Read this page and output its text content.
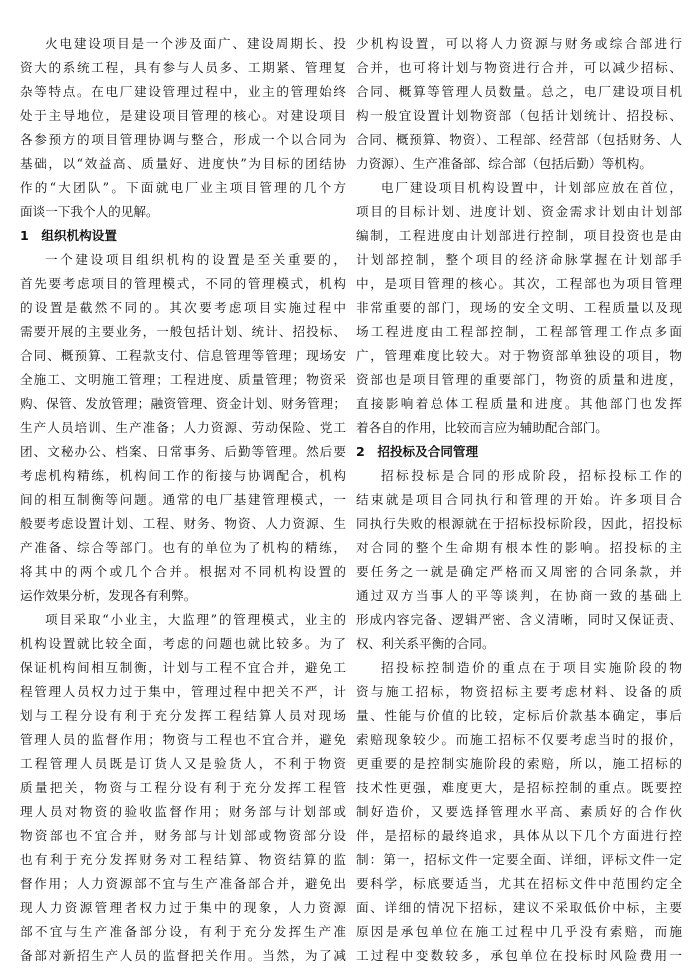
火电建设项目是一个涉及面广、建设周期长、投
资大的系统工程，具有参与人员多、工期紧、管理复
杂等特点。在电厂建设管理过程中，业主的管理始终
处于主导地位，是建设项目管理的核心。对建设项目
各参预方的项目管理协调与整合，形成一个以合同为
基础，以“效益高、质量好、进度快”为目标的团结协
作的“大团队”。下面就电厂业主项目管理的几个方
面谈一下我个人的见解。
1　组织机构设置
一个建设项目组织机构的设置是至关重要的，
首先要考虑项目的管理模式，不同的管理模式，机构
的设置是截然不同的。其次要考虑项目实施过程中
需要开展的主要业务，一般包括计划、统计、招投标、
合同、概预算、工程款支付、信息管理等管理；现场安
全施工、文明施工管理；工程进度、质量管理；物资采
购、保管、发放管理；融资管理、资金计划、财务管理；
生产人员培训、生产准备；人力资源、劳动保险、党工
团、文秘办公、档案、日常事务、后勤等管理。然后要
考虑机构精练，机构间工作的衔接与协调配合，机构
间的相互制衡等问题。通常的电厂基建管理模式，一
般要考虑设置计划、工程、财务、物资、人力资源、生
产准备、综合等部门。也有的单位为了机构的精练，
将其中的两个或几个合并。根据对不同机构设置的
运作效果分析，发现各有利弊。
项目采取“小业主，大监理”的管理模式，业主的
机构设置就比较全面，考虑的问题也就比较多。为了
保证机构间相互制衡，计划与工程不宜合并，避免工
程管理人员权力过于集中，管理过程中把关不严，计
划与工程分设有利于充分发挥工程结算人员对现场
管理人员的监督作用；物资与工程也不宜合并，避免
工程管理人员既是订货人又是验货人，不利于物资
质量把关，物资与工程分设有利于充分发挥工程管
理人员对物资的验收监督作用；财务部与计划部或
物资部也不宜合并，财务部与计划部或物资部分设
也有利于充分发挥财务对工程结算、物资结算的监
督作用；人力资源部不宜与生产准备部合并，避免出
现人力资源管理者权力过于集中的现象，人力资源
部不宜与生产准备部分设，有利于充分发挥生产准
备部对新招生产人员的监督把关作用。当然，为了减
少机构设置，可以将人力资源与财务或综合部进行
合并，也可将计划与物资进行合并，可以减少招标、
合同、概算等管理人员数量。总之，电厂建设项目机
构一般宜设置计划物资部（包括计划统计、招投标、
合同、概预算、物资）、工程部、经营部（包括财务、人
力资源）、生产准备部、综合部（包括后勤）等机构。
电厂建设项目机构设置中，计划部应放在首位，
项目的目标计划、进度计划、资金需求计划由计划部
编制，工程进度由计划部进行控制，项目投资也是由
计划部控制，整个项目的经济命脉掌握在计划部手
中，是项目管理的核心。其次，工程部也为项目管理
非常重要的部门，现场的安全文明、工程质量以及现
场工程进度由工程部控制，工程部管理工作点多面
广，管理难度比较大。对于物资部单独设的项目，物
资部也是项目管理的重要部门，物资的质量和进度，
直接影响着总体工程质量和进度。其他部门也发挥
着各自的作用，比较而言应为辅助配合部门。
2　招投标及合同管理
招标投标是合同的形成阶段，招标投标工作的
结束就是项目合同执行和管理的开始。许多项目合
同执行失败的根源就在于招标投标阶段，因此，招投标
对合同的整个生命期有根本性的影响。招投标的主
要任务之一就是确定严格而又周密的合同条款，并
通过双方当事人的平等谈判，在协商一致的基础上
形成内容完备、逻辑严密、含义清晰，同时又保证责、
权、利关系平衡的合同。
招投标控制造价的重点在于项目实施阶段的物
资与施工招标，物资招标主要考虑材料、设备的质
量、性能与价值的比较，定标后价款基本确定，事后
索赔现象较少。而施工招标不仅要考虑当时的报价，
更重要的是控制实施阶段的索赔，所以，施工招标的
技术性更强，难度更大，是招标控制的重点。既要控
制好造价，又要选择管理水平高、素质好的合作伙
伴，是招标的最终追求，具体从以下几个方面进行控
制：第一，招标文件一定要全面、详细，评标文件一定
要科学，标底要适当，尤其在招标文件中范围约定全
面、详细的情况下招标，建议不采取低价中标，主要
原因是承包单位在施工过程中几乎没有索赔，而施
工过程中变数较多，承包单位在投标时风险费用一
